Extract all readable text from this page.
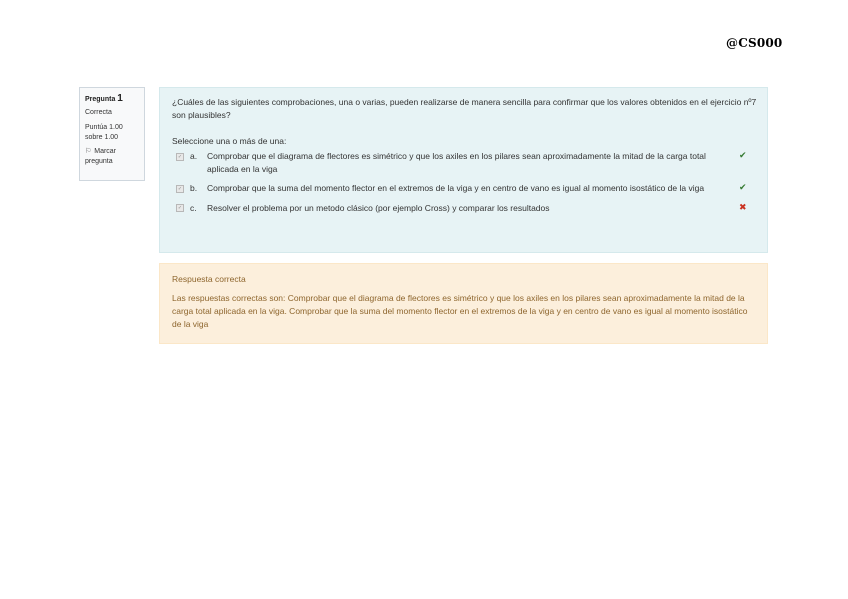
@CS000
Pregunta 1
Correcta
Puntúa 1.00 sobre 1.00
⚐ Marcar pregunta
¿Cuáles de las siguientes comprobaciones, una o varias, pueden realizarse de manera sencilla para confirmar que los valores obtenidos en el ejercicio nº7 son plausibles?
Seleccione una o más de una:
✓ a.	Comprobar que el diagrama de flectores es simétrico y que los axiles en los pilares sean aproximadamente la mitad de la carga total aplicada en la viga
✔
✓ b.	Comprobar que la suma del momento flector en el extremos de la viga y en centro de vano es igual al momento isostático de la viga	✔
✓ c.	Resolver el problema por un metodo clásico (por ejemplo Cross) y comparar los resultados	✖
Respuesta correcta
Las respuestas correctas son: Comprobar que el diagrama de flectores es simétrico y que los axiles en los pilares sean aproximadamente la mitad de la carga total aplicada en la viga. Comprobar que la suma del momento flector en el extremos de la viga y en centro de vano es igual al momento isostático de la viga
